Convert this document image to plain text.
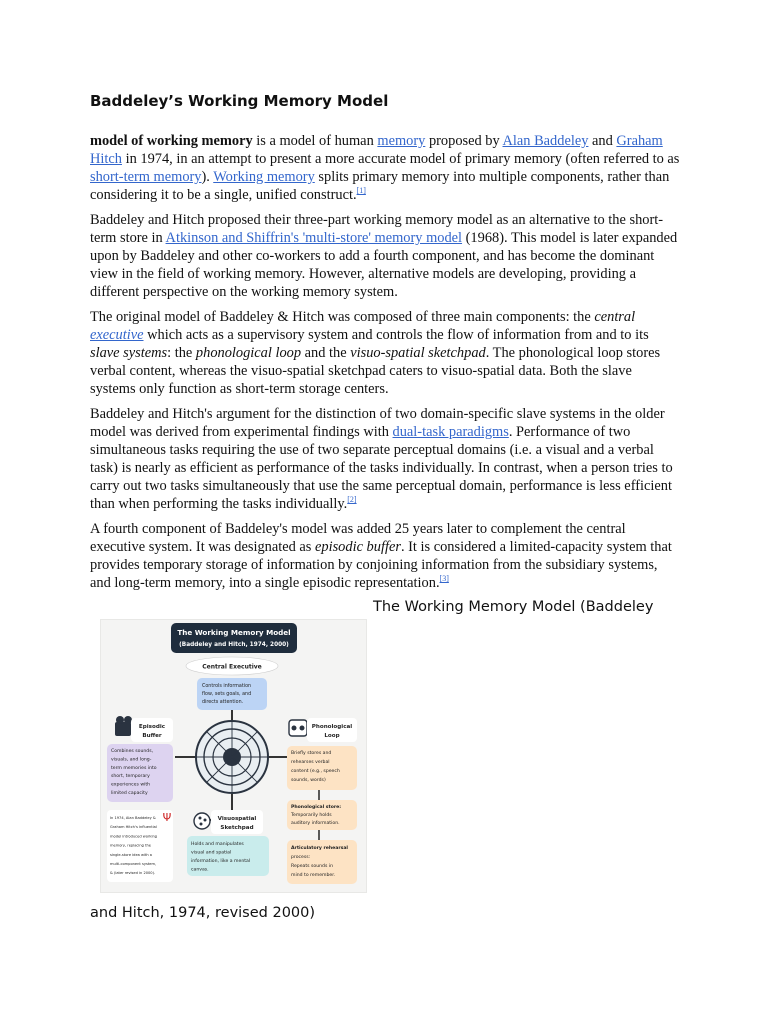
Baddeley’s Working Memory Model

model of working memory is a model of human memory proposed by Alan Baddeley and Graham Hitch in 1974, in an attempt to present a more accurate model of primary memory (often referred to as short-term memory). Working memory splits primary memory into multiple components, rather than considering it to be a single, unified construct.[1]

Baddeley and Hitch proposed their three-part working memory model as an alternative to the short-term store in Atkinson and Shiffrin's 'multi-store' memory model (1968). This model is later expanded upon by Baddeley and other co-workers to add a fourth component, and has become the dominant view in the field of working memory. However, alternative models are developing, providing a different perspective on the working memory system.

The original model of Baddeley & Hitch was composed of three main components: the central executive which acts as a supervisory system and controls the flow of information from and to its slave systems: the phonological loop and the visuo-spatial sketchpad. The phonological loop stores verbal content, whereas the visuo-spatial sketchpad caters to visuo-spatial data. Both the slave systems only function as short-term storage centers.

Baddeley and Hitch's argument for the distinction of two domain-specific slave systems in the older model was derived from experimental findings with dual-task paradigms. Performance of two simultaneous tasks requiring the use of two separate perceptual domains (i.e. a visual and a verbal task) is nearly as efficient as performance of the tasks individually. In contrast, when a person tries to carry out two tasks simultaneously that use the same perceptual domain, performance is less efficient than when performing the tasks individually.[2]

A fourth component of Baddeley's model was added 25 years later to complement the central executive system. It was designated as episodic buffer. It is considered a limited-capacity system that provides temporary storage of information by conjoining information from the subsidiary systems, and long-term memory, into a single episodic representation.[3]

The Working Memory Model (Baddeley
The Working Memory Model
(Baddeley and Hitch, 1974, 2000)
Central Executive
Controls information
flow, sets goals, and
directs attention.
Episodic
Buffer
Combines sounds,
visuals, and long-
term memories into
short, temporary
experiences with
limited capacity
Phonological
Loop
Briefly stores and
rehearses verbal
content (e.g., speech
sounds, words)
Phonological store:
Temporarily holds
auditory information.
Articulatory rehearsal
process:
Repeats sounds in
mind to remember.
Visuospatial
Sketchpad
Holds and manipulates
visual and spatial
information, like a mental
canvas.
In 1974, Alan Baddeley &
Graham Hitch's influential
model introduced working
memory, replacing the
single-store idea with a
multi-component system,
& (later revised in 2000).
Ψ
and Hitch, 1974, revised 2000)
